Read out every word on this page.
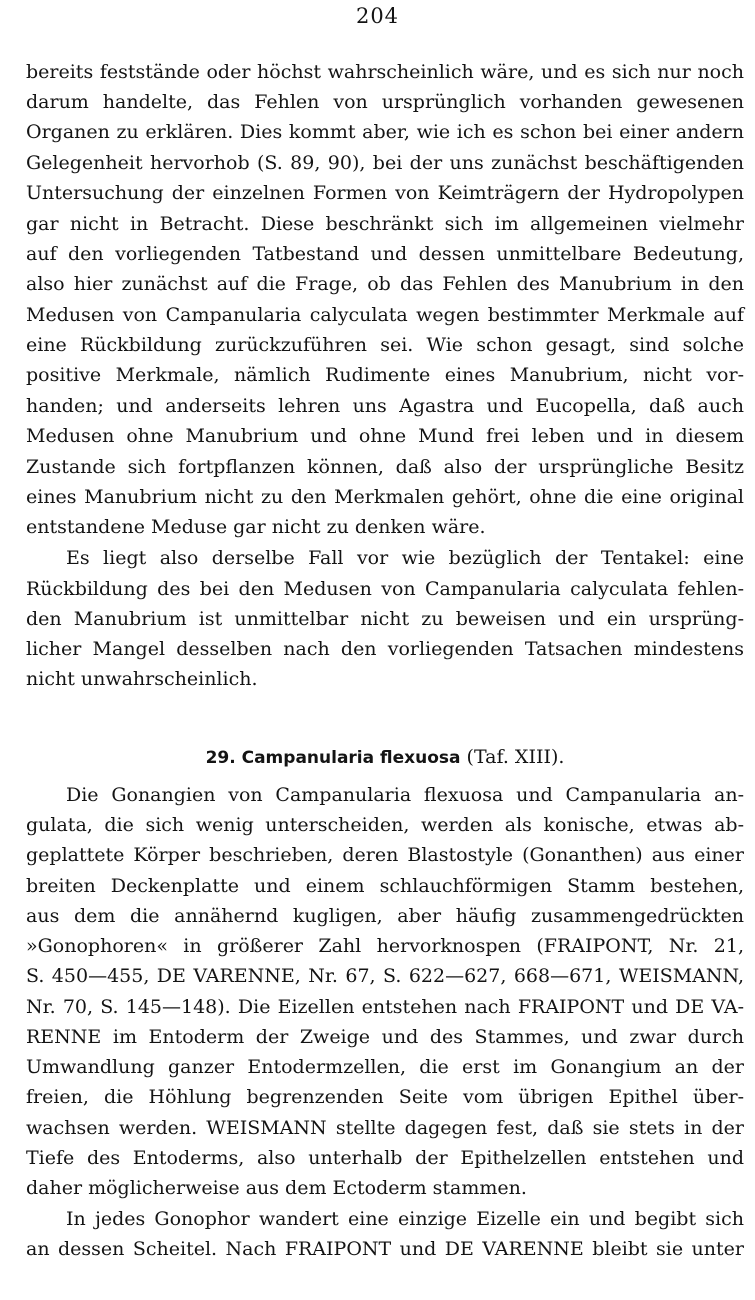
204
bereits feststände oder höchst wahrscheinlich wäre, und es sich nur noch
darum handelte, das Fehlen von ursprünglich vorhanden gewesenen
Organen zu erklären. Dies kommt aber, wie ich es schon bei einer andern
Gelegenheit hervorhob (S. 89, 90), bei der uns zunächst beschäftigenden
Untersuchung der einzelnen Formen von Keimträgern der Hydropolypen
gar nicht in Betracht. Diese beschränkt sich im allgemeinen vielmehr
auf den vorliegenden Tatbestand und dessen unmittelbare Bedeutung,
also hier zunächst auf die Frage, ob das Fehlen des Manubrium in den
Medusen von Campanularia calyculata wegen bestimmter Merkmale auf
eine Rückbildung zurückzuführen sei. Wie schon gesagt, sind solche
positive Merkmale, nämlich Rudimente eines Manubrium, nicht vor-
handen; und anderseits lehren uns Agastra und Eucopella, daß auch
Medusen ohne Manubrium und ohne Mund frei leben und in diesem
Zustande sich fortpflanzen können, daß also der ursprüngliche Besitz
eines Manubrium nicht zu den Merkmalen gehört, ohne die eine original
entstandene Meduse gar nicht zu denken wäre.
Es liegt also derselbe Fall vor wie bezüglich der Tentakel: eine
Rückbildung des bei den Medusen von Campanularia calyculata fehlen-
den Manubrium ist unmittelbar nicht zu beweisen und ein ursprüng-
licher Mangel desselben nach den vorliegenden Tatsachen mindestens
nicht unwahrscheinlich.
29. Campanularia flexuosa (Taf. XIII).
Die Gonangien von Campanularia flexuosa und Campanularia an-
gulata, die sich wenig unterscheiden, werden als konische, etwas ab-
geplattete Körper beschrieben, deren Blastostyle (Gonanthen) aus einer
breiten Deckenplatte und einem schlauchförmigen Stamm bestehen,
aus dem die annähernd kugligen, aber häufig zusammengedrückten
»Gonophoren« in größerer Zahl hervorknospen (FRAIPONT, Nr. 21,
S. 450—455, DE VARENNE, Nr. 67, S. 622—627, 668—671, WEISMANN,
Nr. 70, S. 145—148). Die Eizellen entstehen nach FRAIPONT und DE VA-
RENNE im Entoderm der Zweige und des Stammes, und zwar durch
Umwandlung ganzer Entodermzellen, die erst im Gonangium an der
freien, die Höhlung begrenzenden Seite vom übrigen Epithel über-
wachsen werden. WEISMANN stellte dagegen fest, daß sie stets in der
Tiefe des Entoderms, also unterhalb der Epithelzellen entstehen und
daher möglicherweise aus dem Ectoderm stammen.
In jedes Gonophor wandert eine einzige Eizelle ein und begibt sich
an dessen Scheitel. Nach FRAIPONT und DE VARENNE bleibt sie unter
